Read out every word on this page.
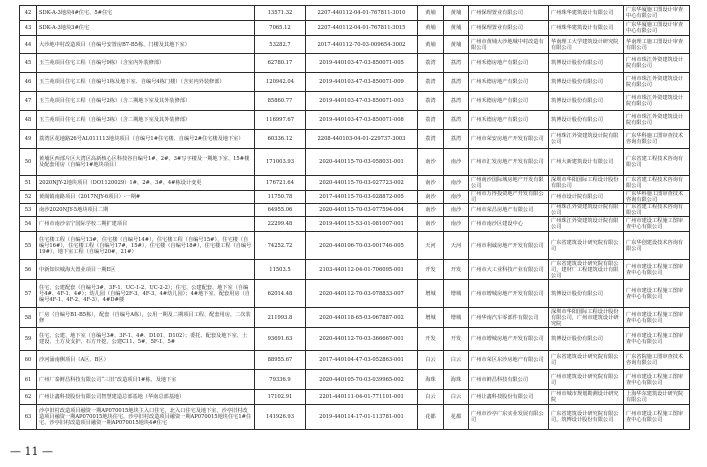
42	SDK-A-3地块4#住宅、5#住宅	13571.32	2207-440112-04-01-767811-3010	黄埔	黄埔	广州保理置业有限公司	广州珠华建筑设计有限公司	广东华厦施工图设计审查中心有限公司
43	SDK-A-3地块3#住宅	7065.12	2207-440112-04-01-767811-3015	黄埔	黄埔	广州保理置业有限公司	广州珠华建筑设计有限公司	广东华厦施工图设计审查中心有限公司
44	大沙地中村改造项目（自编号安置房B7-B5栋、门楼及其地下室）	53282.7	2017-440112-70-03-009654-3002	黄埔	黄埔	广州市黄埔大沙地城中村改造有限公司	华南理工大学建筑设计研究院有限公司	华南理工施工图设计审查有限公司
45	玉兰苑项目住宅工程（自编号9栋）（含室内外装修部）	62780.17	2019-440103-47-03-850071-005	荔湾	荔湾	广州禾德房地产有限公司	筑博设计股份有限公司	广州市珠江外资建筑设计院有限公司
46	玉兰苑项目住宅工程（自编号1栋及地下室、自编号4栋门楼）（含室内外装修部）	120942.04	2019-440103-47-03-850071-009	荔湾	荔湾	广州禾德房地产有限公司	筑博设计股份有限公司	广州市珠江外资建筑设计院有限公司
47	玉兰苑项目住宅工程（自编号2栋）（含二期地下室及其外装修部）	85860.77	2019-440103-47-03-850071-003	荔湾	荔湾	广州禾德房地产有限公司	筑博设计股份有限公司	广州市珠江外资建筑设计院有限公司
48	玉兰苑项目住宅工程（自编号3栋）（含二期地下室及其外装修部）	116997.67	2019-440103-47-03-850071-008	荔湾	荔湾	广州禾德房地产有限公司	筑博设计股份有限公司	广州市珠江外资建筑设计院有限公司
49	荔湾区花地路26号AL011113地块项目（自编号1#住宅楼、自编号2#住宅楼及地下室）	60336.12	2208-440103-04-01-229737-3003	荔湾	荔湾	广州市荣安房地产开发有限公司	广州珠江外资建筑设计院有限公司	广东华科施工图审查技术咨询有限公司
50	黄埔区西部片区大湾区高新核心区科技谷自编号1#、2#、3#写字楼及一期地下室、15#楼及配套用房（自编号1#地块项目）	171003.93	2020-440115-70-03-058031-001	南沙	南沙	广州市汇发房地产开发有限公司	广州大新建筑设计有限公司	广东省建工程技术咨询有限公司
51	2020NJY-2地块项目（DO1120029）1#、2#、3#、4#栋设计变更	176721.64	2020-440115-70-03-027723-002	南沙	南沙	广州南沙国际城房地产开发有限公司	深圳市华阳国际工程设计股份有限公司	广东省建工程技术咨询有限公司
52	黄阁镇南路项目（2017NJY-6项目）-一期#	11750.78	2017-440115-70-03-028872-005	南沙	南沙	广州市万得投资地产开发有限公司	广州市设计院有限公司	广东华科施工图审查技术咨询有限公司
53	南沙2020NJY-5地块项目二期	64955.06	2020-440115-70-03-077594-004	南沙	南沙	广州市荣昌房地产有限公司	广州珠江外资建筑设计院有限公司	广东省建工程技术咨询有限公司
54	广州市南沙亲宁国际学校二期扩建项目	22299.48	2019-440115-53-01-081007-001	南沙	南沙	广州市南沙区建设中心	广州珠江外资建筑设计院有限公司	广州市建设工程施工图审查中心有限公司
55	住宅楼工程（自编号13#，住宅楼（自编号14#），住宅楼工程（自编号15#），住宅楼（自编号16#），住宅楼工程（自编号17#，15#），住宅楼（自编号18#），住宅楼工程（自编号19#），地下室工程（自编号20#，21#）	74252.72	2020-440106-70-03-001746-005	天河	天河	广州市利诚房地产开发有限公司	广东省建筑设计研究院有限公司	广东华创建设技术咨询有限公司
56	中新知识城海大置业项目一期E区	11503.5	2103-440112-04-01-706095-001	开发	开发	广州市大工业科技产业有限公司	广东省建筑设计研究院有限公司，建材厂工程建筑设计有限公司	广州市建设工程施工图审查中心有限公司
57	住宅、公建配套（自编号3#、3F-1、UC-1-2、UC-2-2）；住宅、公建配套、地下室（自编号4#、4F-1、4#）；幼儿园（自编号2F-3、4F-3、4#幼儿园）；4#地下室、配套用房（自编号4F-1、4F-2、4F-3）、4#D#楼	62014.48	2020-440112-70-03-078833-007	增城	增城	广州市增城房地产开发有限公司	筑博设计股份有限公司	广州市建设工程施工图审查中心有限公司
58	厂房（自编号B1-B5栋），配套（自编号A栋），公用一期及二期项目工程、配套用房、二次装修	211993.8	2020-440118-65-03-067887-002	增城	增城	广州华南汽车零部件有限公司	深圳市华阳国际工程设计股份有限公司，广州市建筑设计研究院	广州市建设工程施工图审查中心有限公司
59	住宅、公建、地下室（自编号3#、3F-1、4#、D101、D102）；委托、配套及地下室、土建设、土方及支护、石方开挖、公建C11、5#、5F-1、5#	93691.63	2020-440112-70-03-366667-001	开发	开发	广州市增城房地产开发有限公司	筑博设计股份有限公司	广州市建设工程施工图审查中心有限公司
60	沙河涌南侧项目（A区、B区）	88955.67	2017-440104-47-03-052863-001	白云	白云	广州市荣区东沙房地产有限公司	广东省建筑设计研究院有限公司	广东省院施工图审查技术咨询有限公司
61	广州厂泰鲜昌科技有限公司“三旧”改造项目1#栋、及地下室	79336.9	2020-440105-70-03-039965-002	海珠	海珠	广州市鲜昌科技有限公司	广州市建筑设计研究院有限公司	广州市建设工程施工图审查中心有限公司
62	广州让鑫科技股份有限公司智慧建造总部基地（华南总部基地）	17102.91	2201-440111-04-01-771101-001	白云	白云	广州让鑫科技股份有限公司	广州市城市规划勘测设计研究院	上海华东建筑设计研究院有限公司
63	沙亭旧村改造项目融资一期AP070015地块主入口住宅，北入口住宅及地下室，沙亭旧村改造项目融资一期AP070015地块住宅，沙亭旧村改造项目融资一期AP070015地块住宅1#住宅、沙亭旧村改造项目融资一期AP070015地块4#住宅	141926.93	2019-440114-17-01-113781-001	花都	花都	广州市沙亭广东实业发展有限公司	广东省建筑设计研究院有限公司，筑博设计股份有限公司	广州市建设工程施工图审查中心有限公司
— 11 —
